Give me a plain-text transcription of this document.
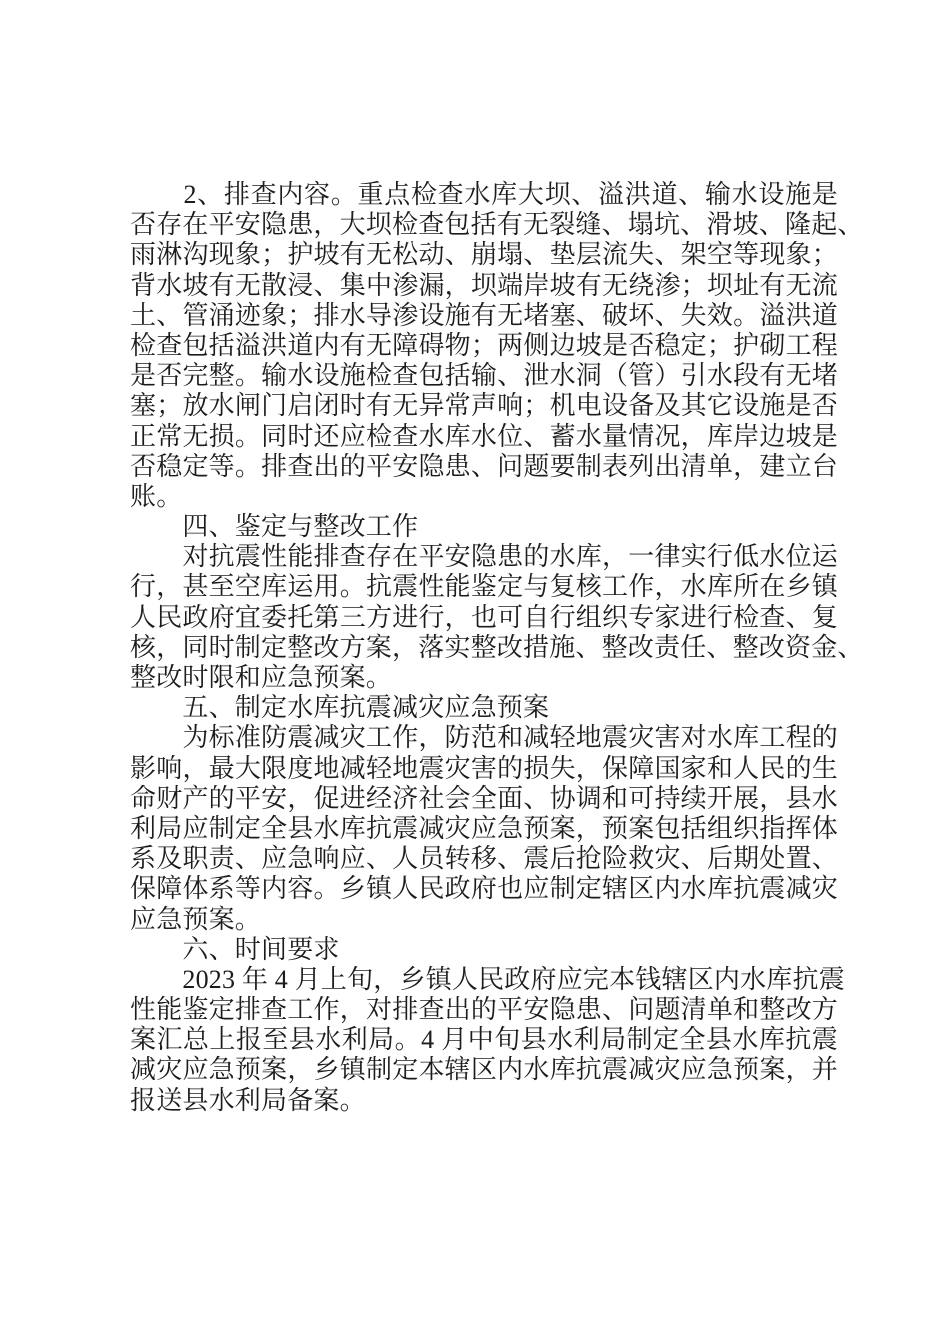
　　2、排查内容。重点检查水库大坝、溢洪道、输水设施是
否存在平安隐患，大坝检查包括有无裂缝、塌坑、滑坡、隆起、
雨淋沟现象；护坡有无松动、崩塌、垫层流失、架空等现象；
背水坡有无散浸、集中渗漏，坝端岸坡有无绕渗；坝址有无流
土、管涌迹象；排水导渗设施有无堵塞、破坏、失效。溢洪道
检查包括溢洪道内有无障碍物；两侧边坡是否稳定；护砌工程
是否完整。输水设施检查包括输、泄水洞（管）引水段有无堵
塞；放水闸门启闭时有无异常声响；机电设备及其它设施是否
正常无损。同时还应检查水库水位、蓄水量情况，库岸边坡是
否稳定等。排查出的平安隐患、问题要制表列出清单，建立台
账。
　　四、鉴定与整改工作
　　对抗震性能排查存在平安隐患的水库，一律实行低水位运
行，甚至空库运用。抗震性能鉴定与复核工作，水库所在乡镇
人民政府宜委托第三方进行，也可自行组织专家进行检查、复
核，同时制定整改方案，落实整改措施、整改责任、整改资金、
整改时限和应急预案。
　　五、制定水库抗震减灾应急预案
　　为标准防震减灾工作，防范和减轻地震灾害对水库工程的
影响，最大限度地减轻地震灾害的损失，保障国家和人民的生
命财产的平安，促进经济社会全面、协调和可持续开展，县水
利局应制定全县水库抗震减灾应急预案，预案包括组织指挥体
系及职责、应急响应、人员转移、震后抢险救灾、后期处置、
保障体系等内容。乡镇人民政府也应制定辖区内水库抗震减灾
应急预案。
　　六、时间要求
　　2023 年 4 月上旬，乡镇人民政府应完本钱辖区内水库抗震
性能鉴定排查工作，对排查出的平安隐患、问题清单和整改方
案汇总上报至县水利局。4 月中旬县水利局制定全县水库抗震
减灾应急预案，乡镇制定本辖区内水库抗震减灾应急预案，并
报送县水利局备案。
